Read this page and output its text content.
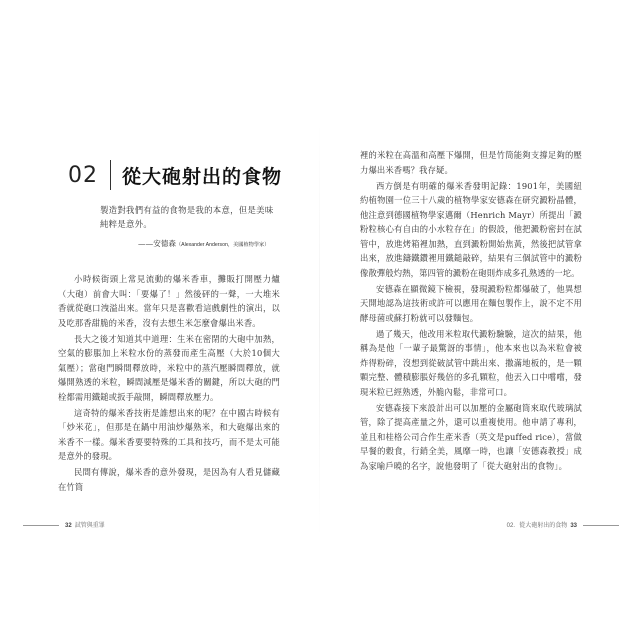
02 從大砲射出的食物
製造對我們有益的食物是我的本意，但是美味純粹是意外。
——安德森（Alexander Anderson，美國植物學家）

小時候街頭上常見流動的爆米香車，攤販打開壓力爐（大砲）前會大叫：「要爆了！」然後砰的一聲，一大堆米香就從砲口洩溢出來。當年只是喜歡看這戲劇性的演出，以及吃那香甜脆的米香，沒有去想生米怎麼會爆出米香。

長大之後才知道其中道理：生米在密閉的大砲中加熱，空氣的膨脹加上米粒水份的蒸發而產生高壓（大於10個大氣壓）；當砲門瞬間釋放時，米粒中的蒸汽壓瞬間釋放，就爆開熟透的米粒，瞬間減壓是爆米香的關鍵，所以大砲的門栓都需用鐵鎚或扳手敲開，瞬間釋放壓力。

這奇特的爆米香技術是誰想出來的呢？在中國古時候有「炒米花」，但那是在鍋中用油炒爆熟米，和大砲爆出來的米香不一樣。爆米香要要特殊的工具和技巧，而不是太可能是意外的發現。

民間有傳說，爆米香的意外發現，是因為有人看見儲藏在竹筒

32 試管與重罪

裡的米粒在高溫和高壓下爆開，但是竹筒能夠支撐足夠的壓力爆出米香嗎？我存疑。

西方倒是有明確的爆米香發明記錄：1901年，美國紐約植物園一位三十八歲的植物學家安德森在研究澱粉晶體，他注意到德國植物學家邁爾（Henrich Mayr）所提出「澱粉粒核心有自由的小水粒存在」的假設，他把澱粉密封在試管中，放進烤箱裡加熱，直到澱粉開始焦黃，然後把試管拿出來，放進鑄鐵鑽裡用鐵鎚敲碎，結果有三個試管中的澱粉像散彈般灼熱，第四管的澱粉在砲則炸成多孔熟透的一坨。

安德森在顯微鏡下檢視，發現澱粉粒都爆破了，他異想天開地認為這技術或許可以應用在麵包製作上，說不定不用酵母菌或蘇打粉就可以發麵包。

過了幾天，他改用米粒取代澱粉驗驗，這次的結果，他稱為是他「一輩子最驚訝的事情」，他本來也以為米粒會被炸得粉碎，沒想到從破試管中跳出來、撒滿地板的，是一顆顆完整、體積膨脹好幾倍的多孔顆粒，他丟入口中嚐嚐，發現米粒已經熟透，外脆內鬆，非常可口。

安德森接下來設計出可以加壓的金屬砲筒來取代玻璃試管，除了提高產量之外，還可以重複使用。他申請了專利，並且和桂格公司合作生產米香（英文是puffed rice），當做早餐的穀食，行銷全美，風靡一時，也讓「安德森教授」成為家喻戶曉的名字，說他發明了「從大砲射出的食物」。

02．從大砲射出的食物 33
